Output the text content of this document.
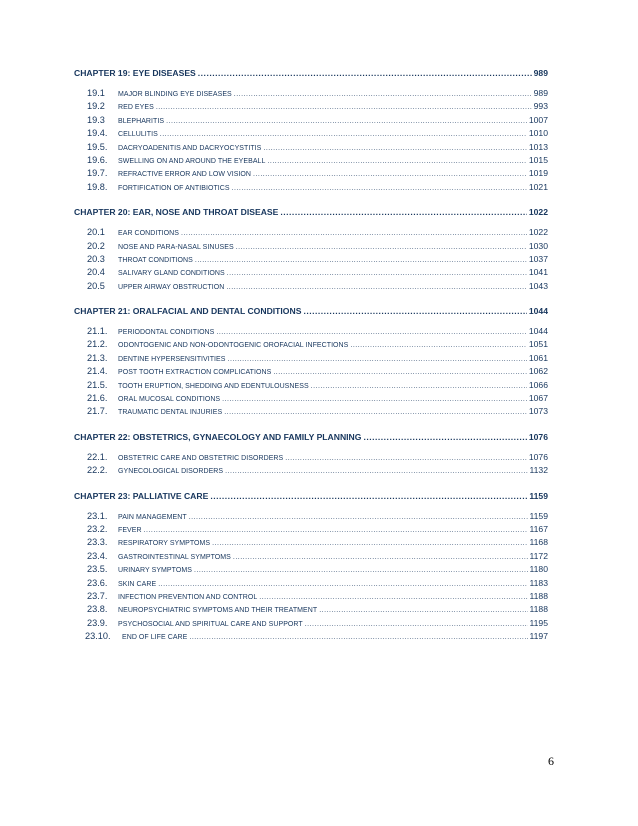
CHAPTER 19: EYE DISEASES .....	989
19.1	MAJOR BLINDING EYE DISEASES .....	989
19.2	RED EYES .....	993
19.3	BLEPHARITIS .....	1007
19.4.	CELLULITIS .....	1010
19.5.	DACRYOADENITIS AND DACRYOCYSTITIS .....	1013
19.6.	SWELLING ON AND AROUND THE EYEBALL .....	1015
19.7.	REFRACTIVE ERROR AND LOW VISION .....	1019
19.8.	FORTIFICATION OF ANTIBIOTICS .....	1021
CHAPTER 20: EAR, NOSE AND THROAT DISEASE .....	1022
20.1	EAR CONDITIONS .....	1022
20.2	NOSE AND PARA-NASAL SINUSES .....	1030
20.3	THROAT CONDITIONS .....	1037
20.4	SALIVARY GLAND CONDITIONS .....	1041
20.5	UPPER AIRWAY OBSTRUCTION .....	1043
CHAPTER 21: ORALFACIAL AND DENTAL CONDITIONS .....	1044
21.1.	PERIODONTAL CONDITIONS .....	1044
21.2.	ODONTOGENIC AND NON-ODONTOGENIC OROFACIAL INFECTIONS .....	1051
21.3.	DENTINE HYPERSENSITIVITIES .....	1061
21.4.	POST TOOTH EXTRACTION COMPLICATIONS .....	1062
21.5.	TOOTH ERUPTION, SHEDDING AND EDENTULOUSNESS .....	1066
21.6.	ORAL MUCOSAL CONDITIONS .....	1067
21.7.	TRAUMATIC DENTAL INJURIES .....	1073
CHAPTER 22: OBSTETRICS, GYNAECOLOGY AND FAMILY PLANNING .....	1076
22.1.	OBSTETRIC CARE AND OBSTETRIC DISORDERS .....	1076
22.2.	GYNECOLOGICAL DISORDERS .....	1132
CHAPTER 23: PALLIATIVE CARE .....	1159
23.1.	PAIN MANAGEMENT .....	1159
23.2.	FEVER .....	1167
23.3.	RESPIRATORY SYMPTOMS .....	1168
23.4.	GASTROINTESTINAL SYMPTOMS .....	1172
23.5.	URINARY SYMPTOMS .....	1180
23.6.	SKIN CARE .....	1183
23.7.	INFECTION PREVENTION AND CONTROL .....	1188
23.8.	NEUROPSYCHIATRIC SYMPTOMS AND THEIR TREATMENT .....	1188
23.9.	PSYCHOSOCIAL AND SPIRITUAL CARE AND SUPPORT .....	1195
23.10.	END OF LIFE CARE .....	1197
6
